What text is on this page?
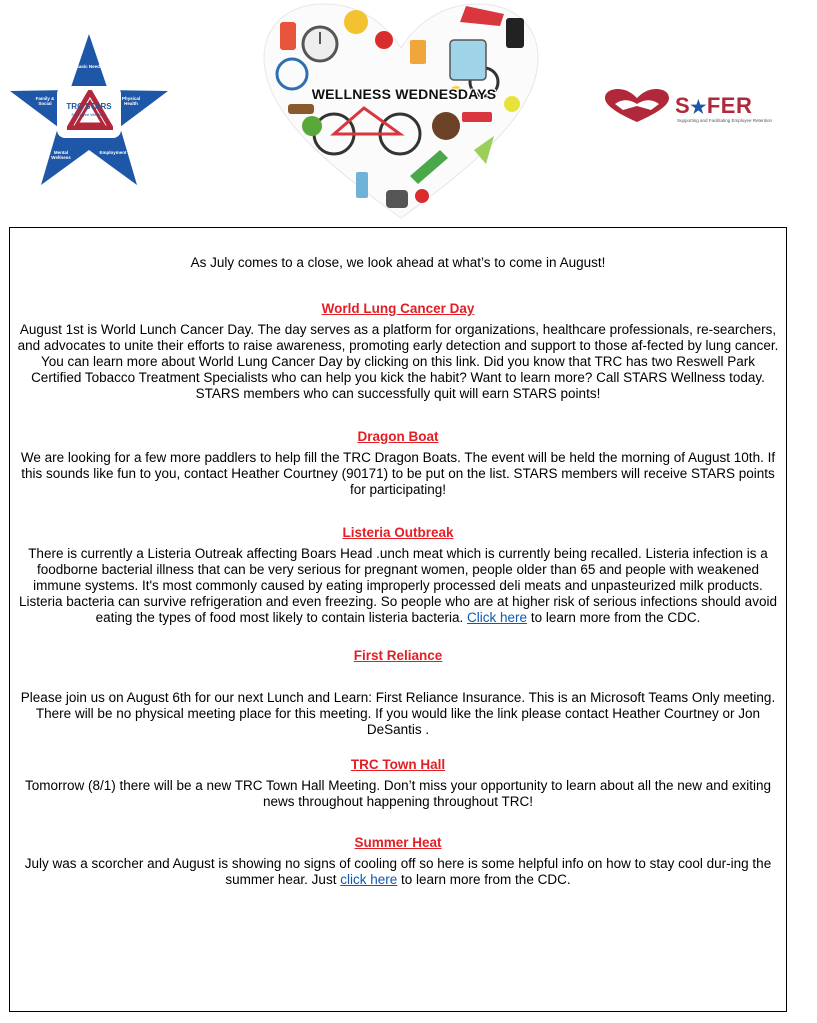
Basic Needs
Physical Health
Employment
Mental Wellness
Family & Social	TRC STARS
Employee Wellness
WELLNESS WEDNESDAYS	S★FER
Supporting and Facilitating Employee Retention

As July comes to a close, we look ahead at what’s to come in August!

World Lung Cancer Day

August 1st is World Lunch Cancer Day. The day serves as a platform for organizations, healthcare professionals, re-searchers, and advocates to unite their efforts to raise awareness, promoting early detection and support to those af-fected by lung cancer. You can learn more about World Lung Cancer Day by clicking on this link. Did you know that TRC has two Reswell Park Certified Tobacco Treatment Specialists who can help you kick the habit? Want to learn more? Call STARS Wellness today. STARS members who can successfully quit will earn STARS points!

Dragon Boat

We are looking for a few more paddlers to help fill the TRC Dragon Boats. The event will be held the morning of August 10th. If this sounds like fun to you, contact Heather Courtney (90171) to be put on the list. STARS members will receive STARS points for participating!

Listeria Outbreak

There is currently a Listeria Outreak affecting Boars Head .unch meat which is currently being recalled. Listeria infection is a foodborne bacterial illness that can be very serious for pregnant women, people older than 65 and people with weakened immune systems. It's most commonly caused by eating improperly processed deli meats and unpasteurized milk products. Listeria bacteria can survive refrigeration and even freezing. So people who are at higher risk of serious infections should avoid eating the types of food most likely to contain listeria bacteria. Click here to learn more from the CDC.

First Reliance

Please join us on August 6th for our next Lunch and Learn: First Reliance Insurance. This is an Microsoft Teams Only meeting. There will be no physical meeting place for this meeting. If you would like the link please contact Heather Courtney or Jon DeSantis .

TRC Town Hall

Tomorrow (8/1) there will be a new TRC Town Hall Meeting. Don’t miss your opportunity to learn about all the new and exiting news throughout happening throughout TRC!

Summer Heat

July was a scorcher and August is showing no signs of cooling off so here is some helpful info on how to stay cool dur-ing the summer hear. Just click here to learn more from the CDC.
